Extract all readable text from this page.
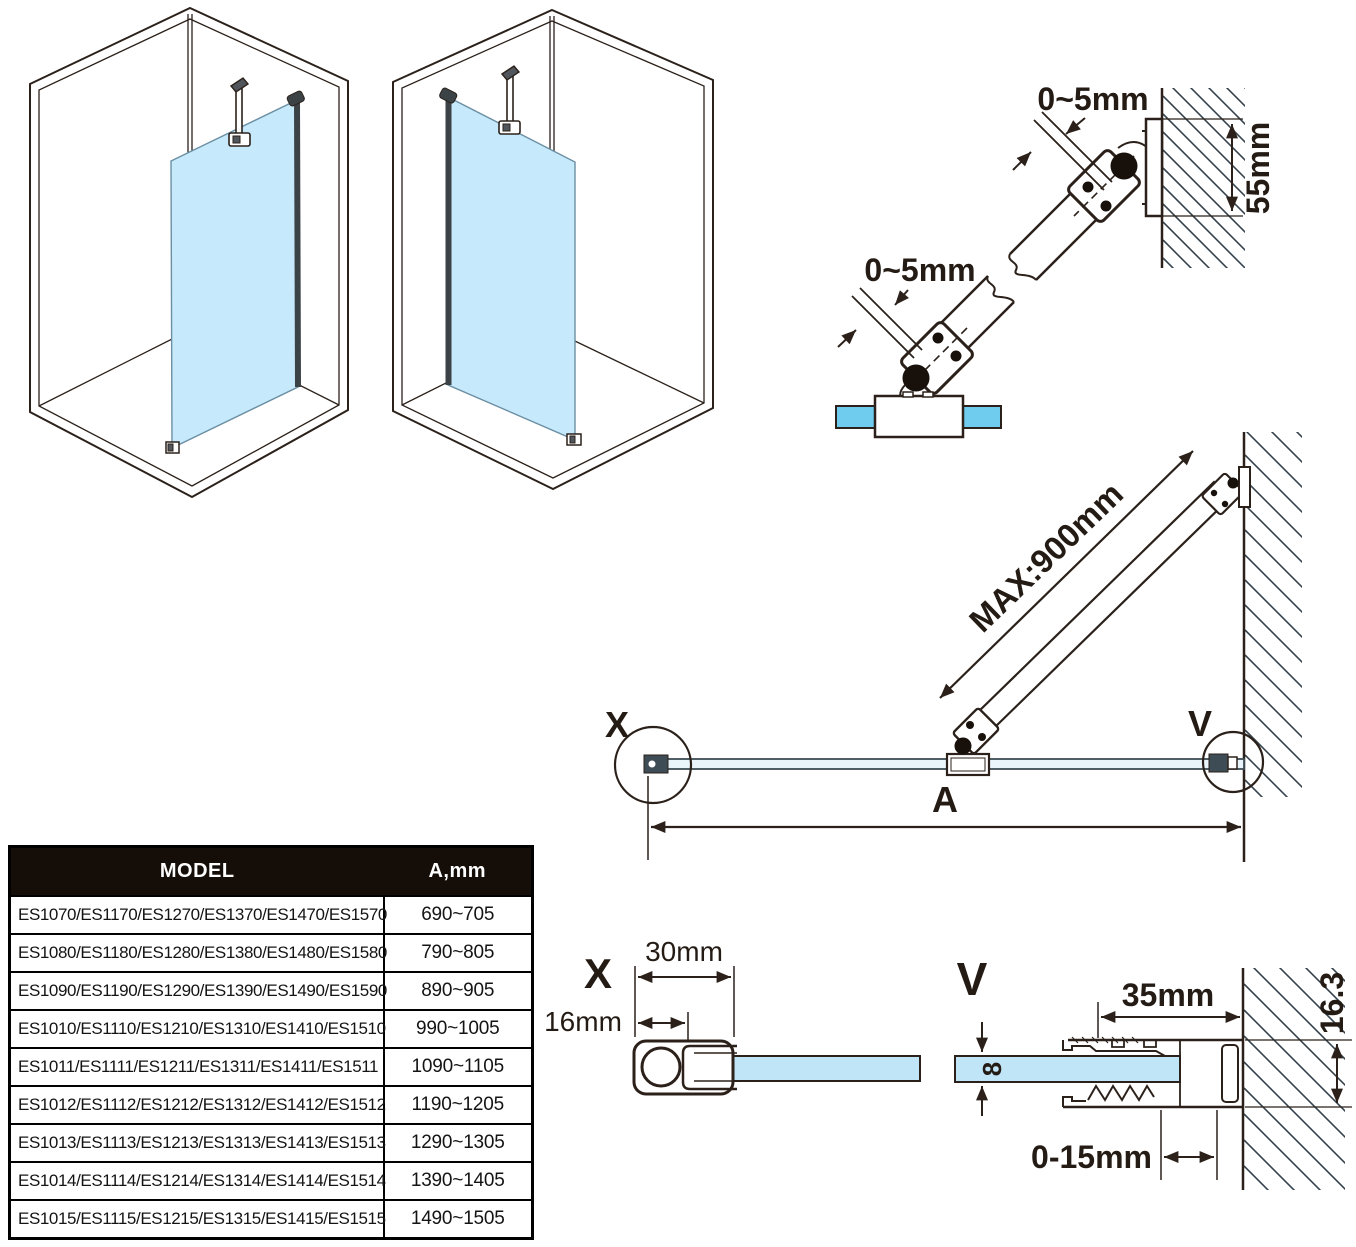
0~5mm
0~5mm
55mm
MAX:900mm
A
X	V
X 30mm
16mm
V
8
35mm	16.3
0-15mm
MODEL	A,mm
ES1070/ES1170/ES1270/ES1370/ES1470/ES1570	690~705
ES1080/ES1180/ES1280/ES1380/ES1480/ES1580	790~805
ES1090/ES1190/ES1290/ES1390/ES1490/ES1590	890~905
ES1010/ES1110/ES1210/ES1310/ES1410/ES1510	990~1005
ES1011/ES1111/ES1211/ES1311/ES1411/ES1511	1090~1105
ES1012/ES1112/ES1212/ES1312/ES1412/ES1512	1190~1205
ES1013/ES1113/ES1213/ES1313/ES1413/ES1513	1290~1305
ES1014/ES1114/ES1214/ES1314/ES1414/ES1514	1390~1405
ES1015/ES1115/ES1215/ES1315/ES1415/ES1515	1490~1505
